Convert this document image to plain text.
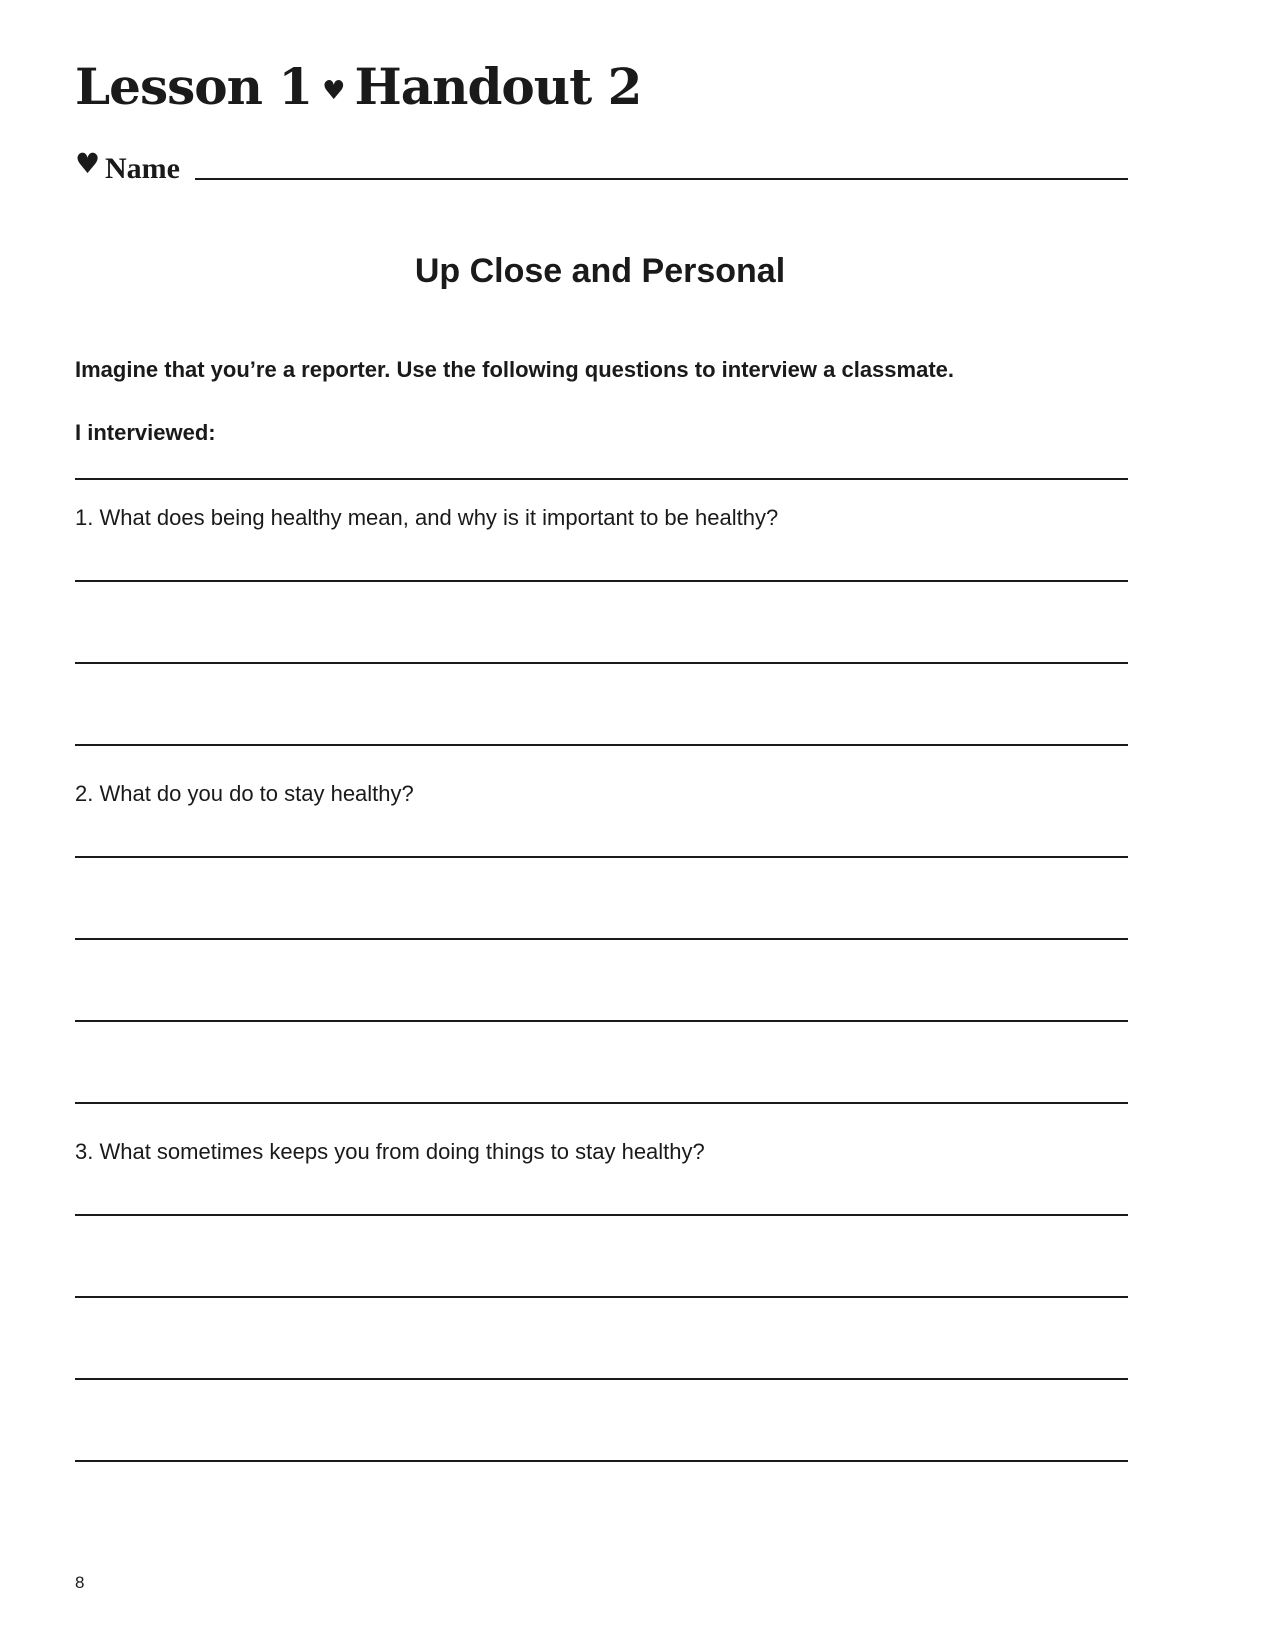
Lesson 1 ♥ Handout 2
♥ Name
Up Close and Personal
Imagine that you’re a reporter. Use the following questions to interview a classmate.
I interviewed:
1. What does being healthy mean, and why is it important to be healthy?
2. What do you do to stay healthy?
3. What sometimes keeps you from doing things to stay healthy?
8
